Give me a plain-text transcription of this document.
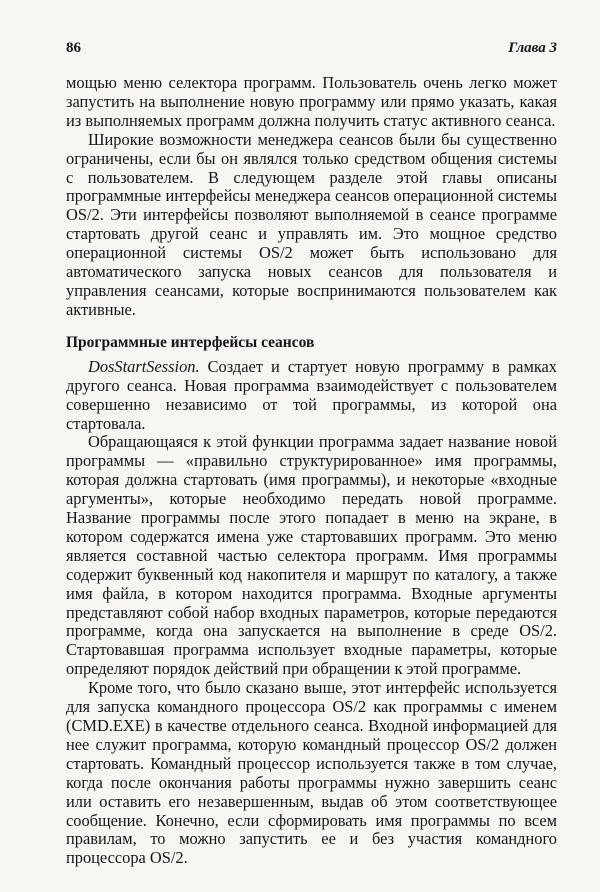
86	Глава 3

мощью меню селектора программ. Пользователь очень легко может запустить на выполнение новую программу или прямо указать, какая из выполняемых программ должна получить статус активного сеанса.

Широкие возможности менеджера сеансов были бы существенно ограничены, если бы он являлся только средством общения системы с пользователем. В следующем разделе этой главы описаны программные интерфейсы менеджера сеансов операционной системы OS/2. Эти интерфейсы позволяют выполняемой в сеансе программе стартовать другой сеанс и управлять им. Это мощное средство операционной системы OS/2 может быть использовано для автоматического запуска новых сеансов для пользователя и управления сеансами, которые воспринимаются пользователем как активные.

Программные интерфейсы сеансов

DosStartSession. Создает и стартует новую программу в рамках другого сеанса. Новая программа взаимодействует с пользователем совершенно независимо от той программы, из которой она стартовала.

Обращающаяся к этой функции программа задает название новой программы — «правильно структурированное» имя программы, которая должна стартовать (имя программы), и некоторые «входные аргументы», которые необходимо передать новой программе. Название программы после этого попадает в меню на экране, в котором содержатся имена уже стартовавших программ. Это меню является составной частью селектора программ. Имя программы содержит буквенный код накопителя и маршрут по каталогу, а также имя файла, в котором находится программа. Входные аргументы представляют собой набор входных параметров, которые передаются программе, когда она запускается на выполнение в среде OS/2. Стартовавшая программа использует входные параметры, которые определяют порядок действий при обращении к этой программе.

Кроме того, что было сказано выше, этот интерфейс используется для запуска командного процессора OS/2 как программы с именем (CMD.EXE) в качестве отдельного сеанса. Входной информацией для нее служит программа, которую командный процессор OS/2 должен стартовать. Командный процессор используется также в том случае, когда после окончания работы программы нужно завершить сеанс или оставить его незавершенным, выдав об этом соответствующее сообщение. Конечно, если сформировать имя программы по всем правилам, то можно запустить ее и без участия командного процессора OS/2.
